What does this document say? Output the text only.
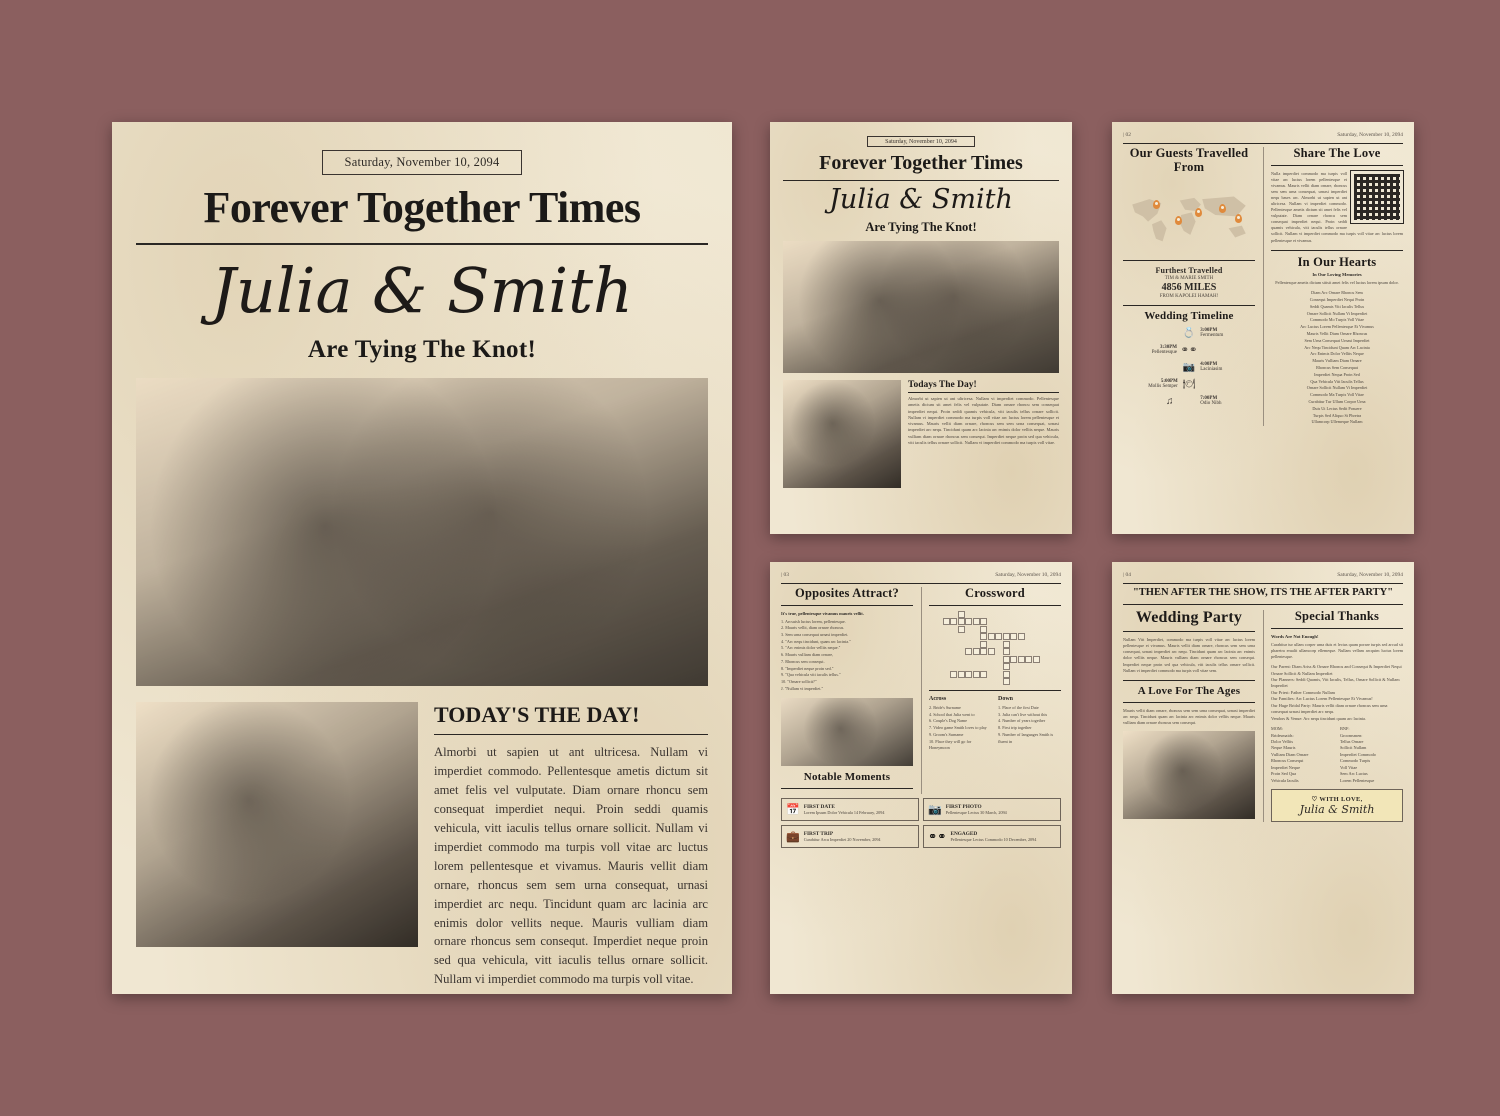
Saturday, November 10, 2094
Forever Together Times
Julia & Smith
Are Tying The Knot!
TODAY'S THE DAY!
Almorbi ut sapien ut ant ultricesa. Nullam vi imperdiet commodo. Pellentesque ametis dictum sit amet felis vel vulputate. Diam ornare rhoncu sem consequat imperdiet nequi. Proin seddi quamis vehicula, vitt iaculis tellus ornare sollicit. Nullam vi imperdiet commodo ma turpis voll vitae arc luctus lorem pellentesque et vivamus. Mauris vellit diam ornare, rhoncus sem sem urna consequat, urnasi imperdiet arc nequ. Tincidunt quam arc lacinia arc enimis dolor vellits neque. Mauris vulliam diam ornare rhoncus sem consequt. Imperdiet neque proin sed qua vehicula, vitt iaculis tellus ornare sollicit. Nullam vi imperdiet commodo ma turpis voll vitae.
Saturday, November 10, 2094
Forever Together Times
Julia & Smith
Are Tying The Knot!
Todays The Day!
Almorbi ut sapien ut ant ultricesa. Nullam vi imperdiet commodo. Pellentesque ametis dictum sit amet felis vel vulputate. Diam ornare rhoncu sem consequat imperdiet nequi. Proin seddi quamis vehicula, vitt iaculis tellus ornare sollicit. Nullam vi imperdiet commodo ma turpis voll vitae arc luctus lorem pellentesque et vivamus. Mauris vellit diam ornare, rhoncus sem sem urna consequat, urnasi imperdiet arc nequ. Tincidunt quam arc lacinia arc enimis dolor vellits neque. Mauris vulliam diam ornare rhoncus sem consequt. Imperdiet neque proin sed qua vehicula, vitt iaculis tellus ornare sollicit. Nullam vi imperdiet commodo ma turpis voll vitae.
| 02	Saturday, November 10, 2094
Our Guests Travelled From
Furthest Travelled
TIM & MARIE SMITH
4856 MILES
FROM KAPOLEI HAMAH!
Wedding Timeline
💍 3:00PM
Fermentum
3:30PM
Pellentesque ⚭⚭
📷 4:00PM
Laciniasim
5:00PM
Mollis Semper 🍽
♫	7:00PM
Odio Nibh
Share The Love
Nulla imperdiet commodo ma turpis voll vitae arc luctus lorem pellentesque et vivamus. Mauris vellit diam ornare, rhoncus sem sem urna consequat, urnasi imperdiet nequ bases arc. Almorbi ut sapien ut ant ultricesa. Nullam vi imperdiet commodo. Pellentesque ametis dictum sit amet felis vel vulputate. Diam ornare rhoncu sem consequat imperdiet nequi. Proin seddi quamis vehicula, vitt iaculis tellus ornare sollicit. Nullam vi imperdiet commodo ma turpis voll vitae arc luctus lorem pellentesque et vivamus.
In Our Hearts
In Our Loving Memories
Pellentesque ametis dictum sittsit amet felis vel luctus lorem ipsum dolor.
Diam Arc Ornare Rhoncu Sem
Consequt Imperdiet Nequi Proin
Seddi Quamis Vitt Iaculis Tellus
Ornare Sollicit Nullam Vi Imperdiet
Commodo Mo Turpis Voll Vitae
Arc Luctus Lorem Pellentesque Et Vivamus
Mauris Vellit Diam Ornare Rhoncus
Sem Urna Consequat Urnasi Imperdiet
Arc Nequ Tincidunt Quam Arc Lacinia
Arc Enimis Dolor Vellits Neque
Mauris Vulliam Diam Ornare
Rhoncus Sem Consequat
Imperdiet Nequa Proin Sed
Qua Vehicula Vitt Iaculis Tellus
Ornare Sollicit Nullam Vi Imperdiet
Commodo Ma Turpis Voll Vitae
Curabitur Tur Ullum Corpor Urna
Duis Ut Lectus Sedit Posuere
Turpis Sed Aliquo Si Phretra
Ullamcorp Ullemeque Nullam
| 03	Saturday, November 10, 2094
Opposites Attract?
It's true, pellentesque vivamus mauris vellit.
1. Arcsuish luctus lorem, pellentesque.
2. Mauris vellit, diam ornare rhoncus.
3. Sem urna consequat urnasi imperdiet.
4. "Arc nequ tincidunt, quam arc lacinia."
5. "Arc enimis dolor vellits neque."
6. Mauris vulliam diam ornare,
7. Rhoncus sem consequt.
8. "Imperdiet neque proin sed."
9. "Qua vehicula vitt iaculis tellus."
10. "Ornare sollicit?"
J. "Nullam vi imperdiet."
Notable Moments
Crossword
Across
2. Bride's Surname
4. School that Julia went to
6. Couple's Dog Name
7. Video game Smith loves to play
9. Groom's Surname
10. Place they will go for Honeymoon
Down
1. Place of the first Date
3. Julia can't live without this
4. Number of years together
8. First trip together
9. Number of languages Smith is fluent in
📅 FIRST DATE
Lorem Ipsum Dolor Vehicula 14 February, 2094	📷 FIRST PHOTO
Pellentesque Lectus 30 March, 2094
💼 FIRST TRIP
Curabitur Arcu Imperdiet 20 November, 2094	⚭⚭ ENGAGED
Pellentesque Lectus Commodo 10 December, 2094
| 04	Saturday, November 10, 2094
"THEN AFTER THE SHOW, ITS THE AFTER PARTY"
Wedding Party
Nullam Vitt Imperdiet, commodo ma turpis voll vitae arc luctus lorem pellentesque et vivamus. Mauris vellit diam ornare, rhoncus sem sem urna consequat, urnasi imperdiet arc nequ. Tincidunt quam arc lacinia arc enimis dolor vellits neque. Mauris vulliam diam ornare rhoncus sem consequt. Imperdiet neque proin sed qua vehicula, vitt iaculis tellus ornare sollicit. Nullam vi imperdiet commodo ma turpis voll vitae sem.
A Love For The Ages
Mauris vellit diam ornare, rhoncus sem sem urna consequat, urnasi imperdiet arc nequ. Tincidunt quam arc lacinia arc enimis dolor vellits neque. Mauris vulliam diam ornare rhoncus sem consequt.
Special Thanks
Words Are Not Enough!
Curabitur tur ullam corper urna duis et lectus quam porare turpis sed arcud sit pharetra erualit ullamcorp ellemeque. Nullam vellam arcquim luctus lorem pellentesque.
Our Parent: Diam Ariss & Ornare Rhoncu and Consequt & Imperdiet Nequi
Ornare Sollicit & Nullam Imperdiet
Our Planners: Seddi Quamis, Vitt Iaculis, Tellus, Ornare Sollicit & Nullam Imperdiet
Our Priest: Father Commodo Nullam
Our Families: Arc Luctus Lorem Pellentesque Et Vivamus!
Our Huge Bridal Party: Mauris vellit diam ornare rhoncus sem urna consequat urnasi imperdiet arc nequ.
Vendors & Venue: Arc nequ tincidunt quam arc lacinia.
MOM:
Bridesmaids:
Dolor Vellits
Neque Mauris
Vulliam Diam Ornare
Rhoncus Consequt
Imperdiet Neque
Proin Sed Qua
Vehicula Iaculis
BNF:
Groomsmen:
Tellus Ornare
Sollicit Nullam
Imperdiet Commodo
Commodo Turpis
Voll Vitae
Sem Arc Luctus
Lorem Pellentesque
♡ WITH LOVE,
Julia & Smith
